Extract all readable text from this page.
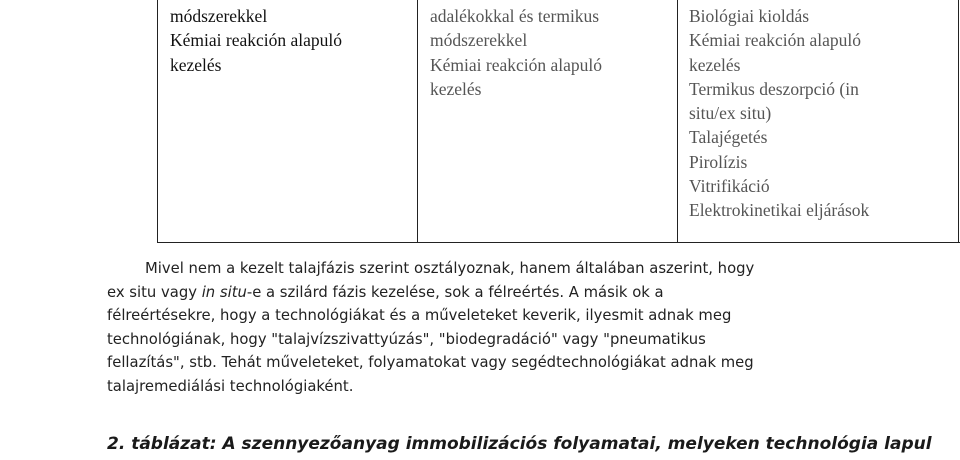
módszerekkel
Kémiai reakción alapuló
kezelés
adalékokkal és termikus
módszerekkel
Kémiai reakción alapuló
kezelés
Biológiai kioldás
Kémiai reakción alapuló
kezelés
Termikus deszorpció (in
situ/ex situ)
Talajégetés
Pirolízis
Vitrifikáció
Elektrokinetikai eljárások
Mivel nem a kezelt talajfázis szerint osztályoznak, hanem általában aszerint, hogy
ex situ vagy in situ-e a szilárd fázis kezelése, sok a félreértés. A másik ok a
félreértésekre, hogy a technológiákat és a műveleteket keverik, ilyesmit adnak meg
technológiának, hogy "talajvízszivattyúzás", "biodegradáció" vagy "pneumatikus
fellazítás", stb. Tehát műveleteket, folyamatokat vagy segédtechnológiákat adnak meg
talajremediálási technológiaként.
2. táblázat: A szennyezőanyag immobilizációs folyamatai, melyeken technológia lapul
